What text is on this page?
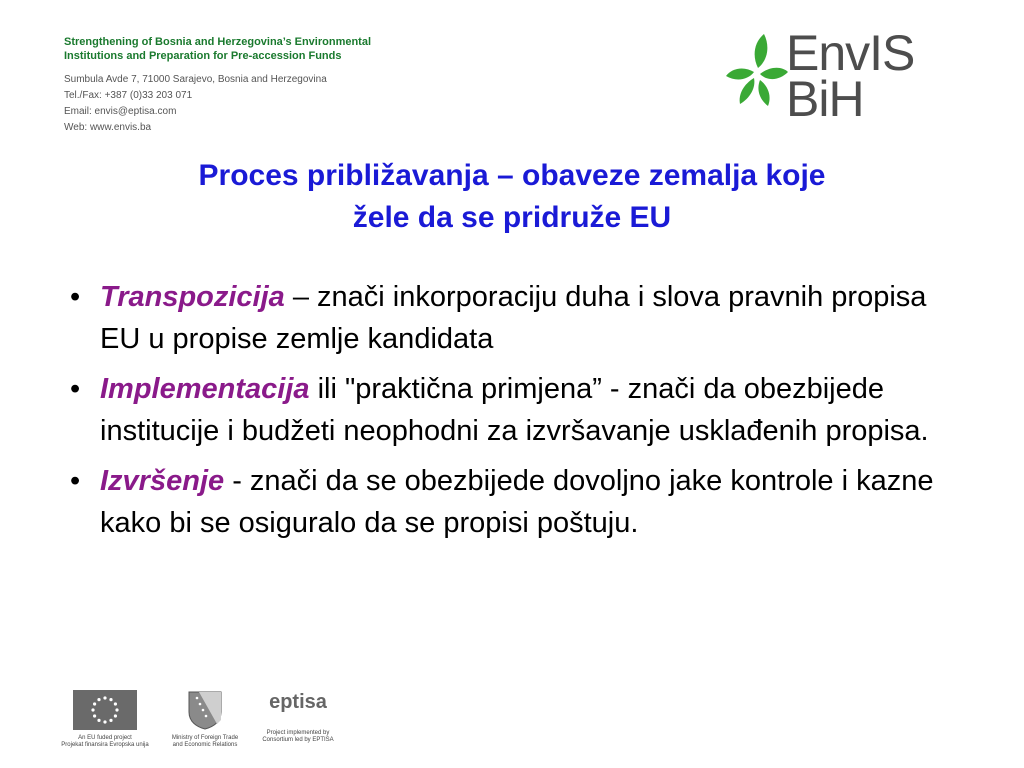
Strengthening of Bosnia and Herzegovina’s Environmental
Institutions and Preparation for Pre-accession Funds
Sumbula Avde 7, 71000 Sarajevo, Bosnia and Herzegovina
Tel./Fax: +387 (0)33 203 071
Email: envis@eptisa.com
Web: www.envis.ba
EnvIS
BiH
Proces približavanja – obaveze zemalja koje
žele da se pridruže EU
• Transpozicija – znači inkorporaciju duha i slova pravnih propisa EU u propise zemlje kandidata
• Implementacija ili "praktična primjena” - znači da obezbijede institucije i budžeti neophodni za izvršavanje usklađenih propisa.
• Izvršenje - znači da se obezbijede dovoljno jake kontrole i kazne kako bi se osiguralo da se propisi poštuju.
An EU fuded project
Projekat finansira Evropska unija
Ministry of Foreign Trade
and Economic Relations
eptisa
Project implemented by
Consortium led by EPTISA
